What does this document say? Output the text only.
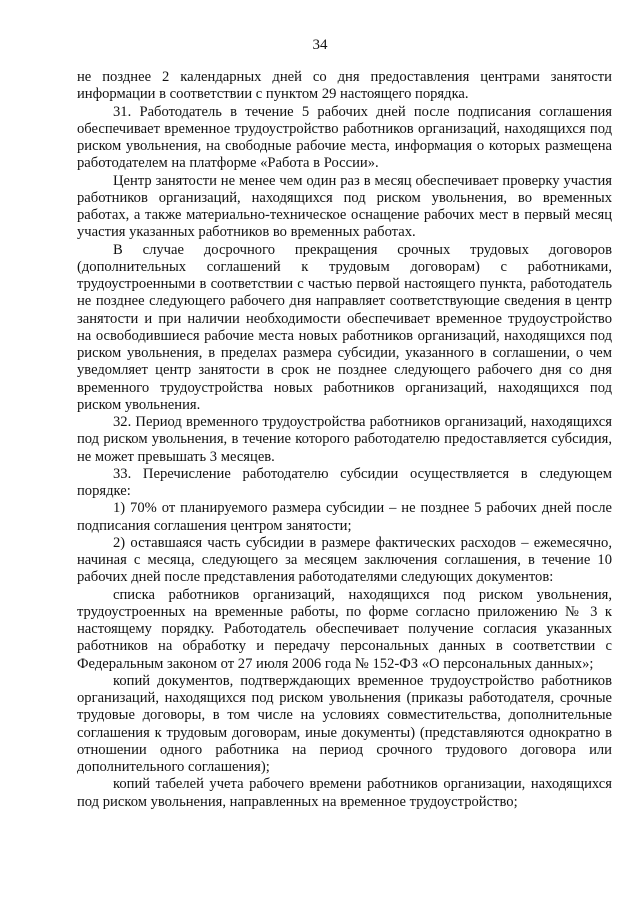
34

не позднее 2 календарных дней со дня предоставления центрами занятости информации в соответствии с пунктом 29 настоящего порядка.

31. Работодатель в течение 5 рабочих дней после подписания соглашения обеспечивает временное трудоустройство работников организаций, находящихся под риском увольнения, на свободные рабочие места, информация о которых размещена работодателем на платформе «Работа в России».

Центр занятости не менее чем один раз в месяц обеспечивает проверку участия работников организаций, находящихся под риском увольнения, во временных работах, а также материально-техническое оснащение рабочих мест в первый месяц участия указанных работников во временных работах.

В случае досрочного прекращения срочных трудовых договоров (дополнительных соглашений к трудовым договорам) с работниками, трудоустроенными в соответствии с частью первой настоящего пункта, работодатель не позднее следующего рабочего дня направляет соответствующие сведения в центр занятости и при наличии необходимости обеспечивает временное трудоустройство на освободившиеся рабочие места новых работников организаций, находящихся под риском увольнения, в пределах размера субсидии, указанного в соглашении, о чем уведомляет центр занятости в срок не позднее следующего рабочего дня со дня временного трудоустройства новых работников организаций, находящихся под риском увольнения.

32. Период временного трудоустройства работников организаций, находящихся под риском увольнения, в течение которого работодателю предоставляется субсидия, не может превышать 3 месяцев.

33. Перечисление работодателю субсидии осуществляется в следующем порядке:

1) 70% от планируемого размера субсидии – не позднее 5 рабочих дней после подписания соглашения центром занятости;

2) оставшаяся часть субсидии в размере фактических расходов – ежемесячно, начиная с месяца, следующего за месяцем заключения соглашения, в течение 10 рабочих дней после представления работодателями следующих документов:

списка работников организаций, находящихся под риском увольнения, трудоустроенных на временные работы, по форме согласно приложению № 3 к настоящему порядку. Работодатель обеспечивает получение согласия указанных работников на обработку и передачу персональных данных в соответствии с Федеральным законом от 27 июля 2006 года № 152-ФЗ «О персональных данных»;

копий документов, подтверждающих временное трудоустройство работников организаций, находящихся под риском увольнения (приказы работодателя, срочные трудовые договоры, в том числе на условиях совместительства, дополнительные соглашения к трудовым договорам, иные документы) (представляются однократно в отношении одного работника на период срочного трудового договора или дополнительного соглашения);

копий табелей учета рабочего времени работников организации, находящихся под риском увольнения, направленных на временное трудоустройство;
